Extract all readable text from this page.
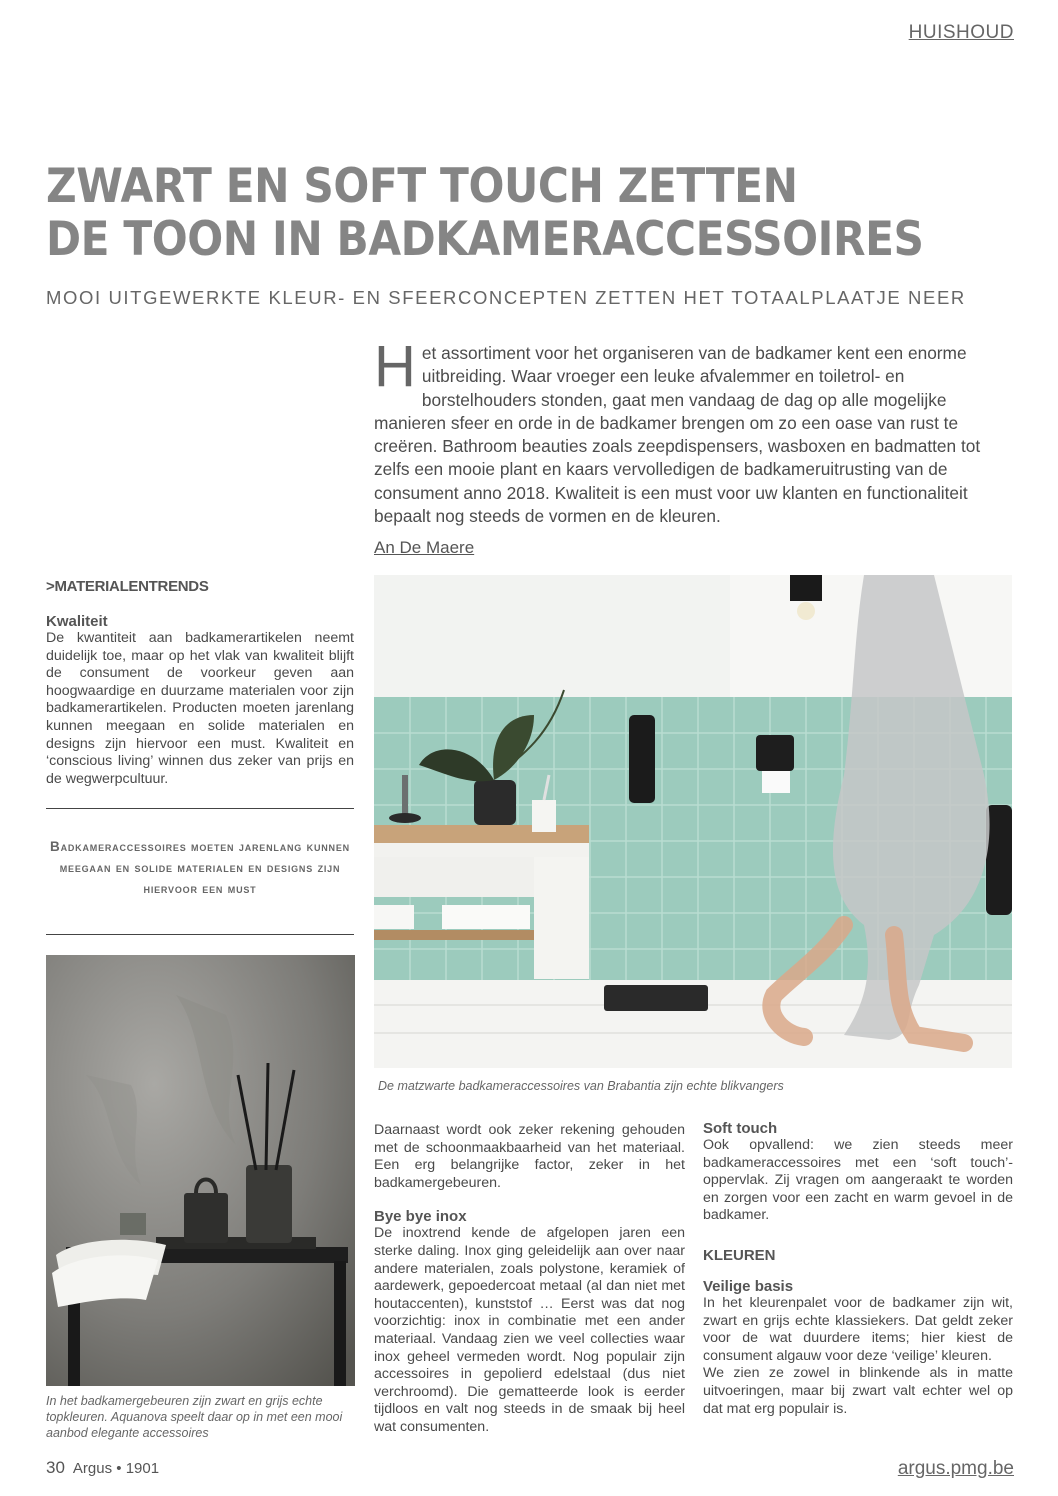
HUISHOUD
ZWART EN SOFT TOUCH ZETTEN
DE TOON IN BADKAMERACCESSOIRES
MOOI UITGEWERKTE KLEUR- EN SFEERCONCEPTEN ZETTEN HET TOTAALPLAATJE NEER

Het assortiment voor het organiseren van de badkamer kent een enorme uitbreiding. Waar vroeger een leuke afvalemmer en toiletrol- en borstelhouders stonden, gaat men vandaag de dag op alle mogelijke manieren sfeer en orde in de badkamer brengen om zo een oase van rust te creëren. Bathroom beauties zoals zeepdispensers, wasboxen en badmatten tot zelfs een mooie plant en kaars vervolledigen de badkameruitrusting van de consument anno 2018. Kwaliteit is een must voor uw klanten en functionaliteit bepaalt nog steeds de vormen en de kleuren.

An De Maere
>MATERIALENTRENDS

Kwaliteit

De kwantiteit aan badkamerartikelen neemt duidelijk toe, maar op het vlak van kwaliteit blijft de consument de voorkeur geven aan hoogwaardige en duurzame materialen voor zijn badkamerartikelen. Producten moeten jarenlang kunnen meegaan en solide materialen en designs zijn hiervoor een must. Kwaliteit en ‘conscious living’ winnen dus zeker van prijs en de wegwerpcultuur.

Badkameraccessoires moeten jarenlang kunnen meegaan en solide materialen en designs zijn hiervoor een must
In het badkamergebeuren zijn zwart en grijs echte topkleuren. Aquanova speelt daar op in met een mooi aanbod elegante accessoires
De matzwarte badkameraccessoires van Brabantia zijn echte blikvangers

Daarnaast wordt ook zeker rekening gehouden met de schoonmaakbaarheid van het materiaal. Een erg belangrijke factor, zeker in het badkamergebeuren.

Bye bye inox

De inoxtrend kende de afgelopen jaren een sterke daling. Inox ging geleidelijk aan over naar andere materialen, zoals polystone, keramiek of aardewerk, gepoedercoat metaal (al dan niet met houtaccenten), kunststof … Eerst was dat nog voorzichtig: inox in combinatie met een ander materiaal. Vandaag zien we veel collecties waar inox geheel vermeden wordt. Nog populair zijn accessoires in gepolierd edelstaal (dus niet verchroomd). Die gematteerde look is eerder tijdloos en valt nog steeds in de smaak bij heel wat consumenten.

Soft touch

Ook opvallend: we zien steeds meer badkameraccessoires met een ‘soft touch’-oppervlak. Zij vragen om aangeraakt te worden en zorgen voor een zacht en warm gevoel in de badkamer.

KLEUREN

Veilige basis

In het kleurenpalet voor de badkamer zijn wit, zwart en grijs echte klassiekers. Dat geldt zeker voor de wat duurdere items; hier kiest de consument algauw voor deze ‘veilige’ kleuren.

We zien ze zowel in blinkende als in matte uitvoeringen, maar bij zwart valt echter wel op dat mat erg populair is.

30 Argus • 1901	argus.pmg.be
